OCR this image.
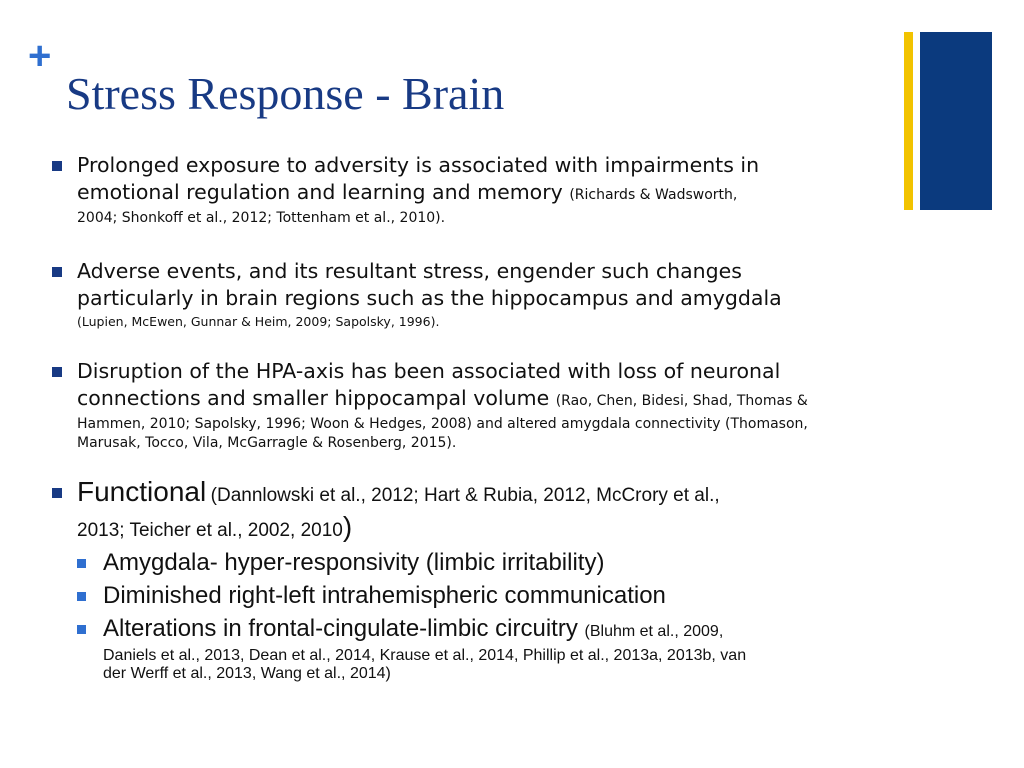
+
Stress Response - Brain
Prolonged exposure to adversity is associated with impairments in
emotional regulation and learning and memory (Richards & Wadsworth,
2004; Shonkoff et al., 2012; Tottenham et al., 2010).
Adverse events, and its resultant stress, engender such changes
particularly in brain regions such as the hippocampus and amygdala
(Lupien, McEwen, Gunnar & Heim, 2009; Sapolsky, 1996).
Disruption of the HPA-axis has been associated with loss of neuronal
connections and smaller hippocampal volume (Rao, Chen, Bidesi, Shad, Thomas &
Hammen, 2010; Sapolsky, 1996; Woon & Hedges, 2008) and altered amygdala connectivity (Thomason,
Marusak, Tocco, Vila, McGarragle & Rosenberg, 2015).
Functional (Dannlowski et al., 2012; Hart & Rubia, 2012, McCrory et al.,
2013; Teicher et al., 2002, 2010)
Amygdala- hyper-responsivity (limbic irritability)
Diminished right-left intrahemispheric communication
Alterations in frontal-cingulate-limbic circuitry (Bluhm et al., 2009,
Daniels et al., 2013, Dean et al., 2014, Krause et al., 2014, Phillip et al., 2013a, 2013b, van
der Werff et al., 2013, Wang et al., 2014)
